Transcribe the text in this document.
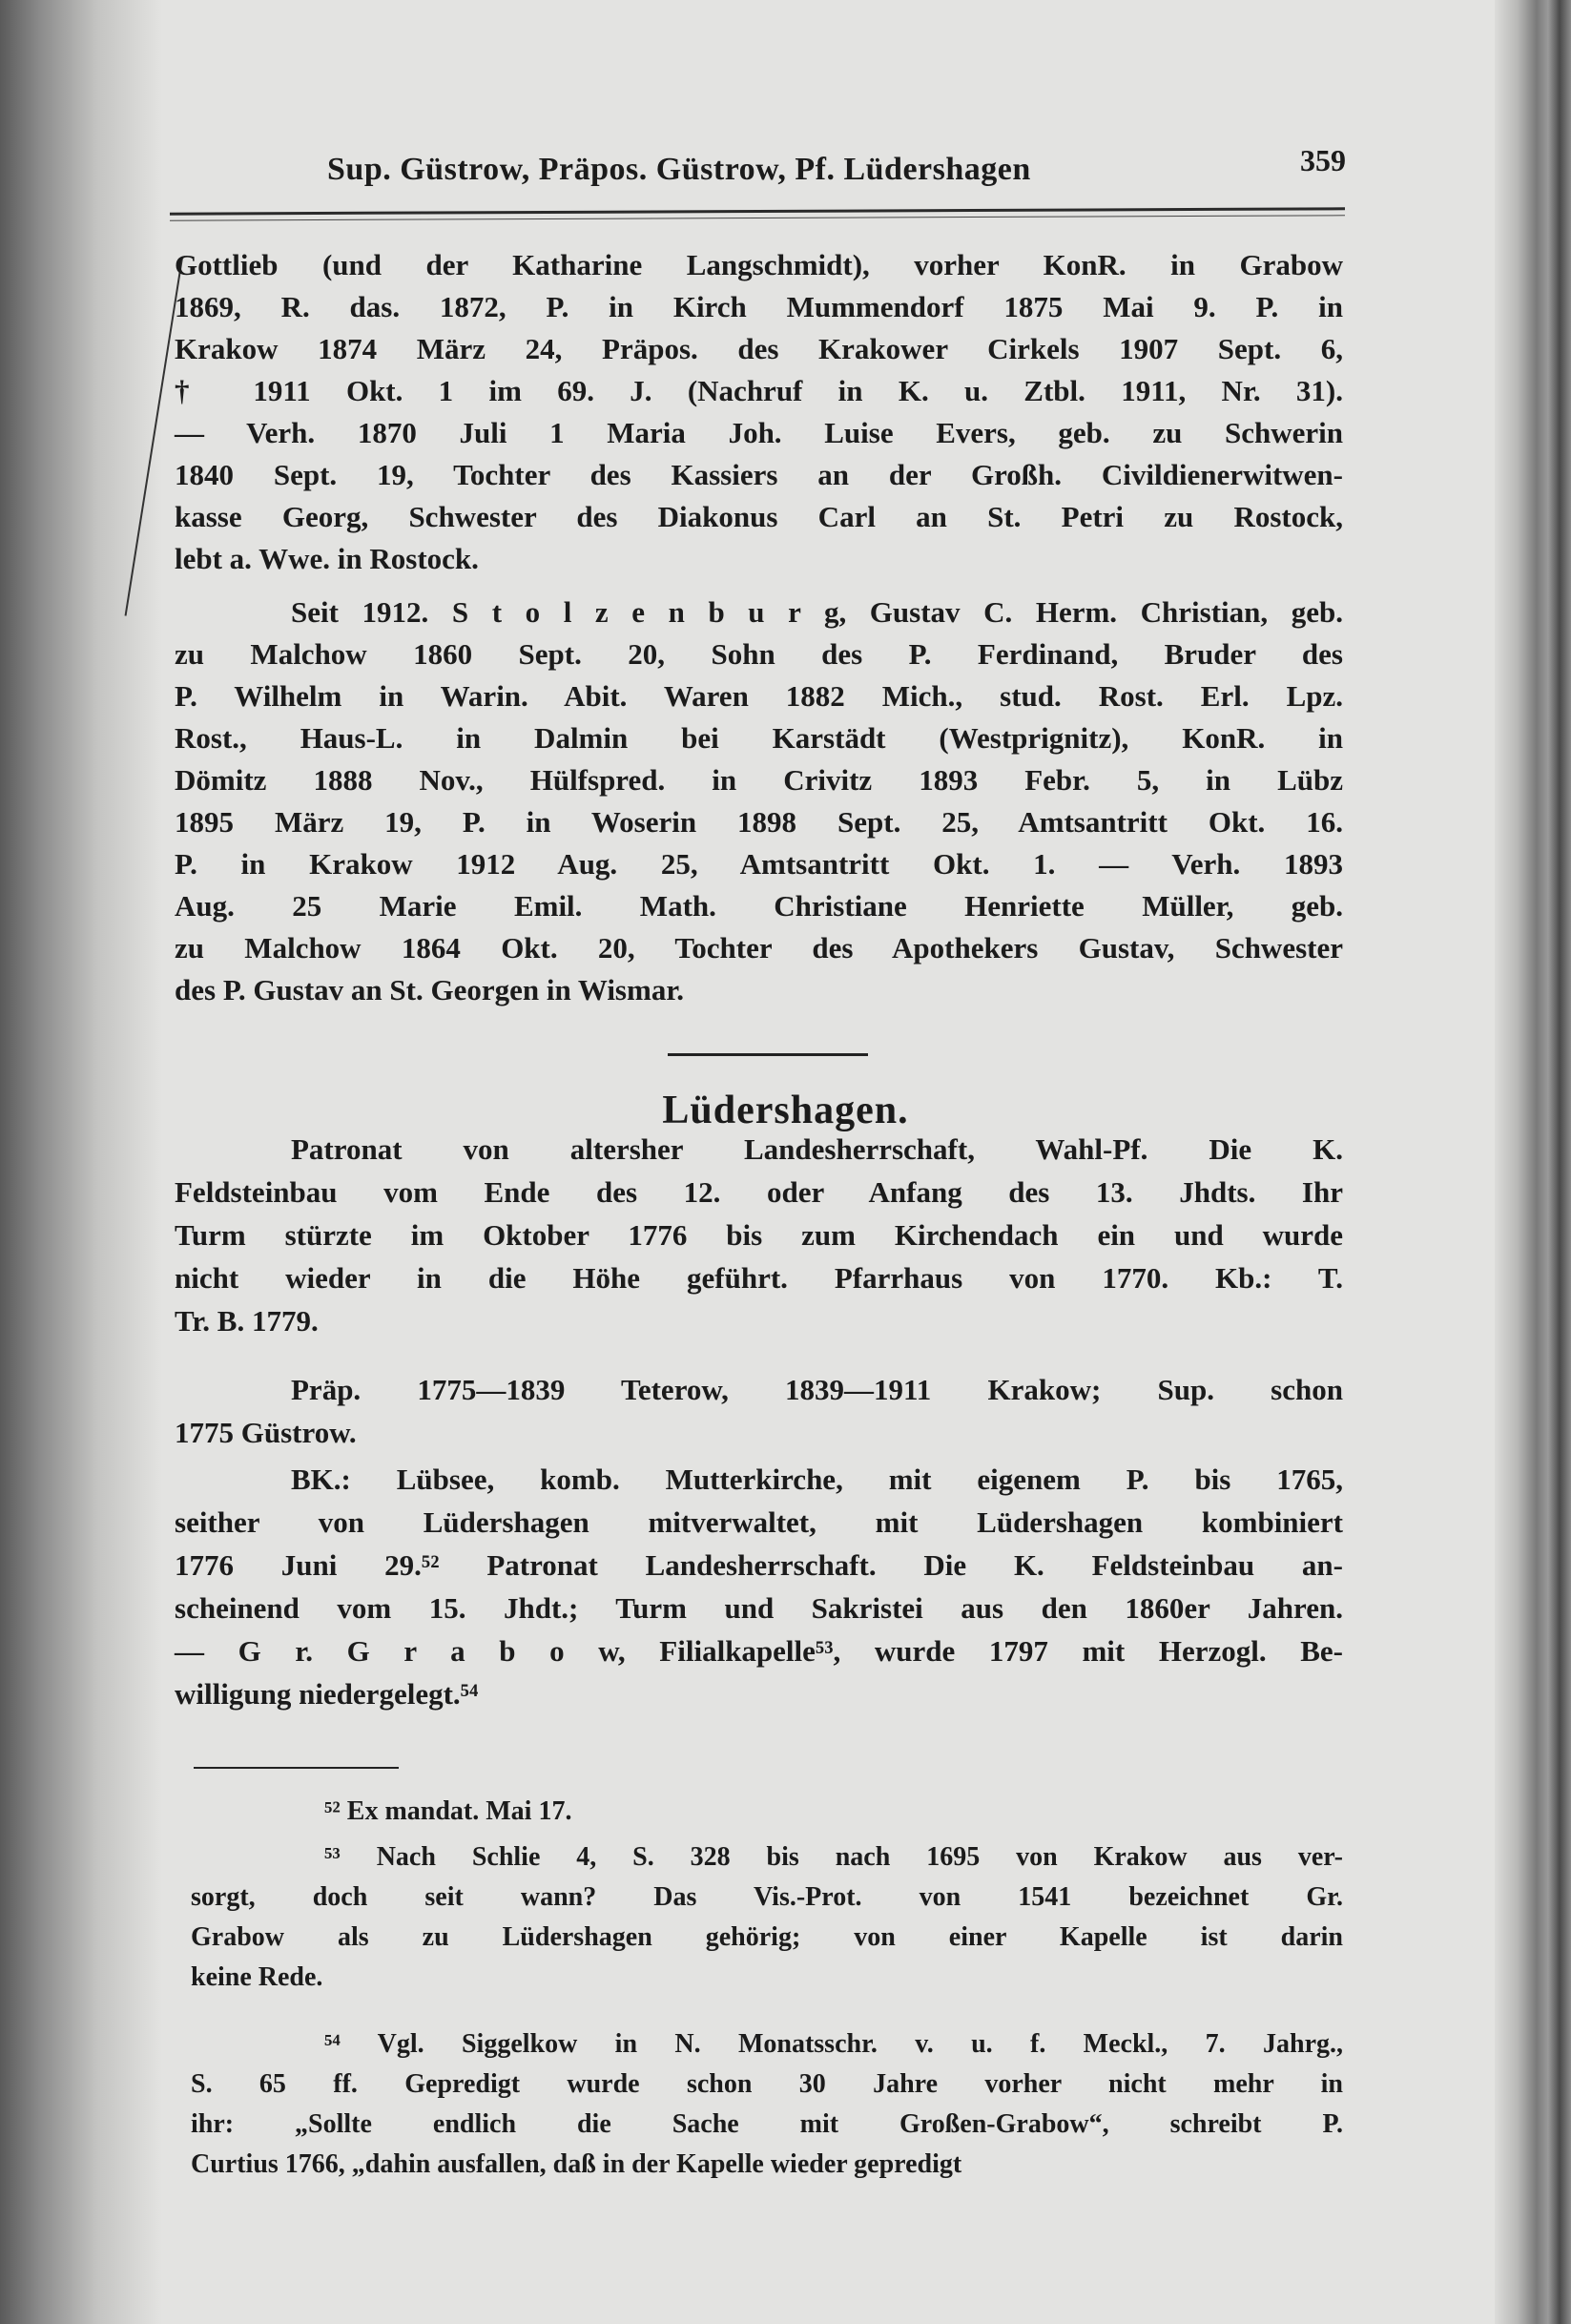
Sup. Güstrow, Präpos. Güstrow, Pf. Lüdershagen	359
Gottlieb (und der Katharine Langschmidt), vorher KonR. in Grabow
1869, R. das. 1872, P. in Kirch Mummendorf 1875 Mai 9. P. in
Krakow 1874 März 24, Präpos. des Krakower Cirkels 1907 Sept. 6,
† 1911 Okt. 1 im 69. J. (Nachruf in K. u. Ztbl. 1911, Nr. 31).
— Verh. 1870 Juli 1 Maria Joh. Luise Evers, geb. zu Schwerin
1840 Sept. 19, Tochter des Kassiers an der Großh. Civildienerwitwen-
kasse Georg, Schwester des Diakonus Carl an St. Petri zu Rostock,
lebt a. Wwe. in Rostock.
Seit 1912. S t o l z e n b u r g, Gustav C. Herm. Christian, geb.
zu Malchow 1860 Sept. 20, Sohn des P. Ferdinand, Bruder des
P. Wilhelm in Warin. Abit. Waren 1882 Mich., stud. Rost. Erl. Lpz.
Rost., Haus-L. in Dalmin bei Karstädt (Westprignitz), KonR. in
Dömitz 1888 Nov., Hülfspred. in Crivitz 1893 Febr. 5, in Lübz
1895 März 19, P. in Woserin 1898 Sept. 25, Amtsantritt Okt. 16.
P. in Krakow 1912 Aug. 25, Amtsantritt Okt. 1. — Verh. 1893
Aug. 25 Marie Emil. Math. Christiane Henriette Müller, geb.
zu Malchow 1864 Okt. 20, Tochter des Apothekers Gustav, Schwester
des P. Gustav an St. Georgen in Wismar.
Lüdershagen.
Patronat von altersher Landesherrschaft, Wahl-Pf. Die K.
Feldsteinbau vom Ende des 12. oder Anfang des 13. Jhdts. Ihr
Turm stürzte im Oktober 1776 bis zum Kirchendach ein und wurde
nicht wieder in die Höhe geführt. Pfarrhaus von 1770. Kb.: T.
Tr. B. 1779.
Präp. 1775—1839 Teterow, 1839—1911 Krakow; Sup. schon
1775 Güstrow.
BK.: Lübsee, komb. Mutterkirche, mit eigenem P. bis 1765,
seither von Lüdershagen mitverwaltet, mit Lüdershagen kombiniert
1776 Juni 29.⁵² Patronat Landesherrschaft. Die K. Feldsteinbau an-
scheinend vom 15. Jhdt.; Turm und Sakristei aus den 1860er Jahren.
— G r. G r a b o w, Filialkapelle⁵³, wurde 1797 mit Herzogl. Be-
willigung niedergelegt.⁵⁴
⁵² Ex mandat. Mai 17.
⁵³ Nach Schlie 4, S. 328 bis nach 1695 von Krakow aus ver-
sorgt, doch seit wann? Das Vis.-Prot. von 1541 bezeichnet Gr.
Grabow als zu Lüdershagen gehörig; von einer Kapelle ist darin
keine Rede.
⁵⁴ Vgl. Siggelkow in N. Monatsschr. v. u. f. Meckl., 7. Jahrg.,
S. 65 ff. Gepredigt wurde schon 30 Jahre vorher nicht mehr in
ihr: „Sollte endlich die Sache mit Großen-Grabow“, schreibt P.
Curtius 1766, „dahin ausfallen, daß in der Kapelle wieder gepredigt
